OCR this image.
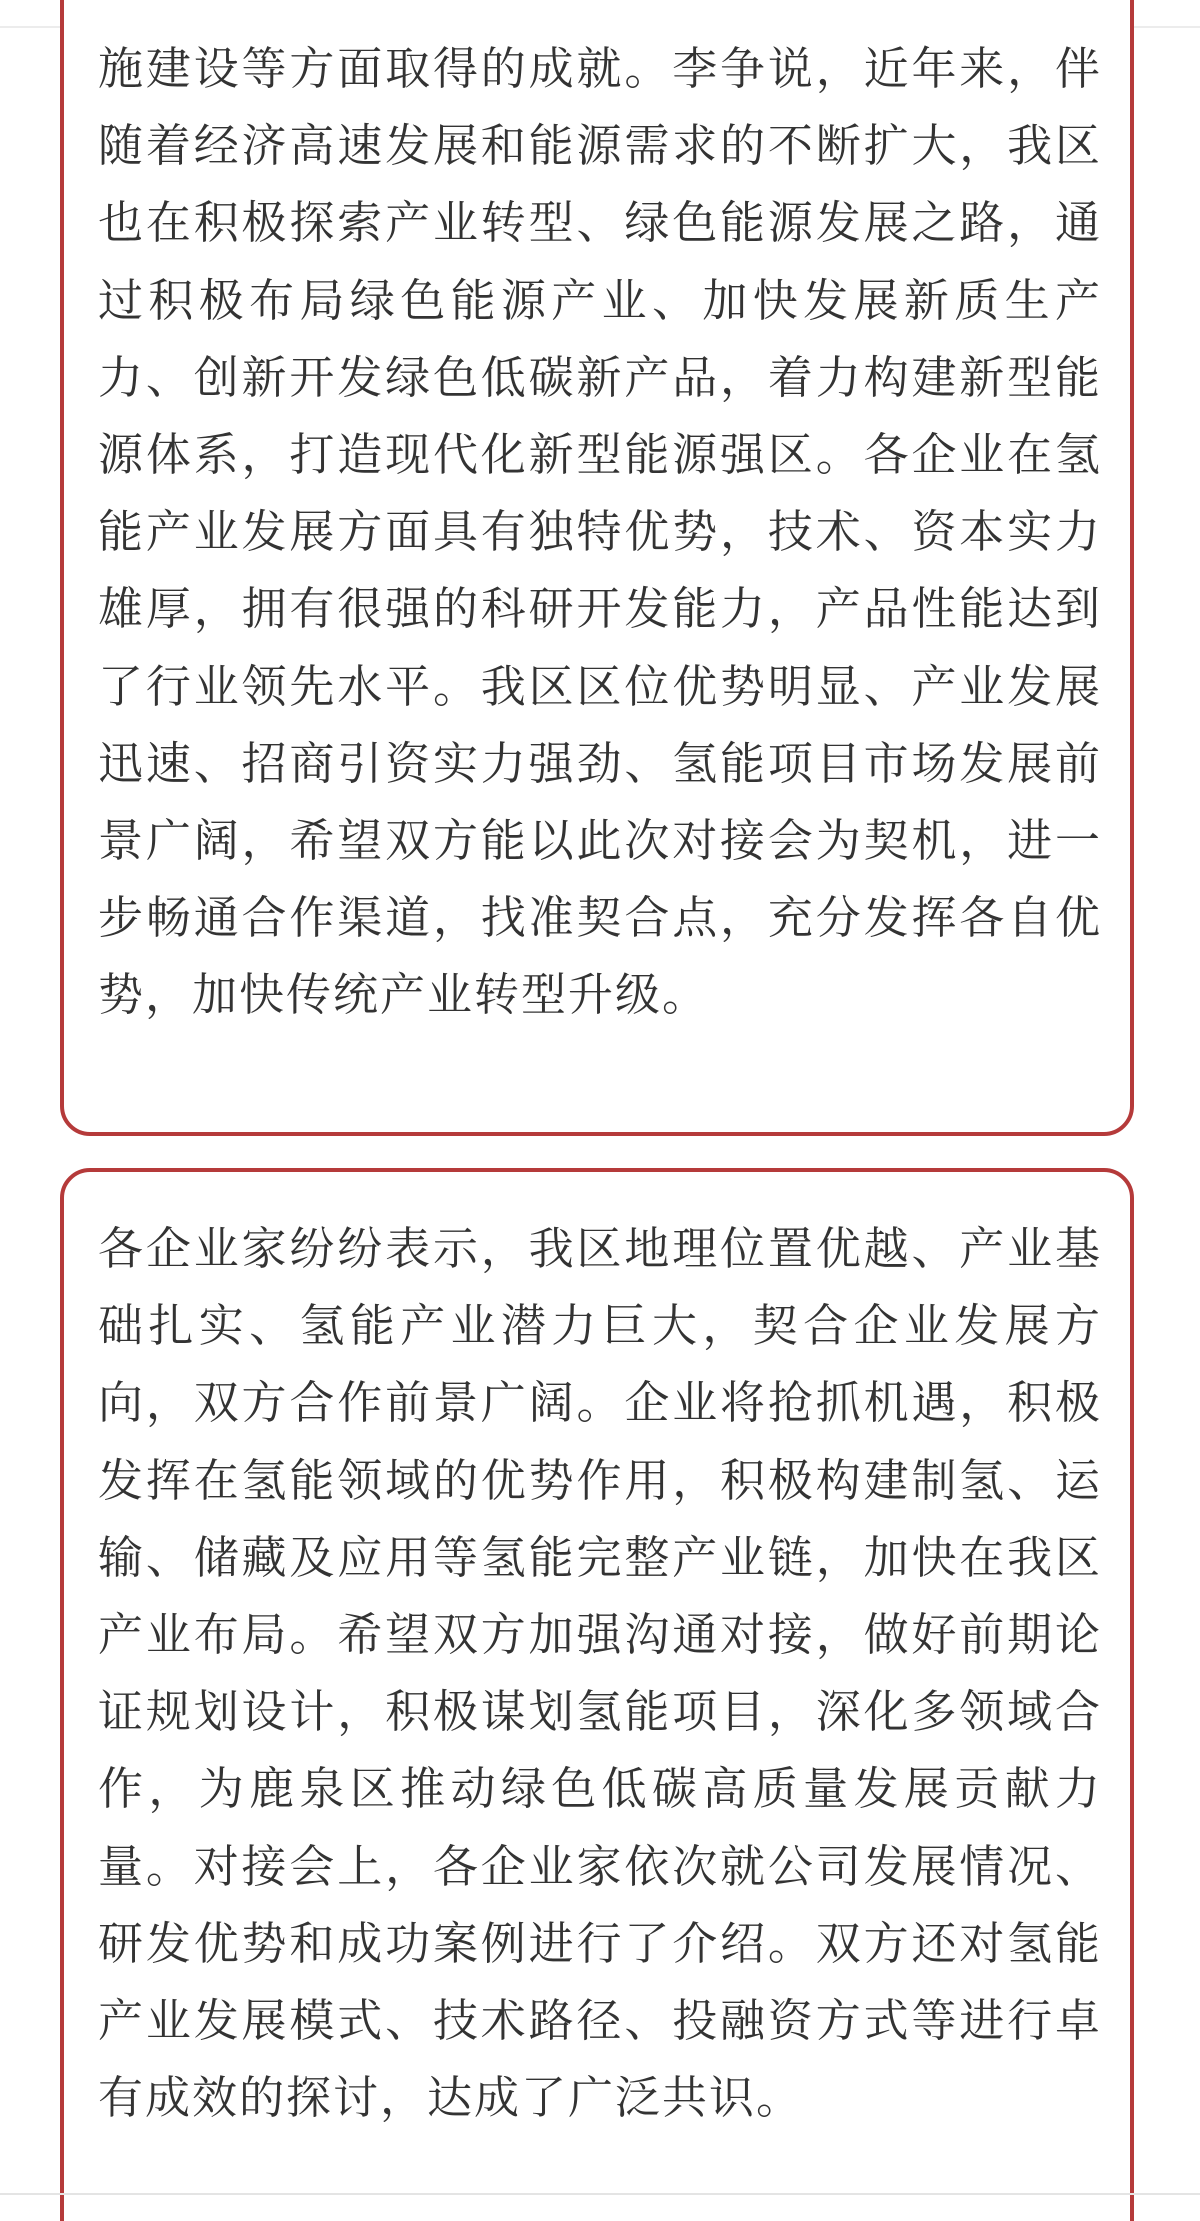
施建设等方面取得的成就。李争说，近年来，伴随着经济高速发展和能源需求的不断扩大，我区也在积极探索产业转型、绿色能源发展之路，通过积极布局绿色能源产业、加快发展新质生产力、创新开发绿色低碳新产品，着力构建新型能源体系，打造现代化新型能源强区。各企业在氢能产业发展方面具有独特优势，技术、资本实力雄厚，拥有很强的科研开发能力，产品性能达到了行业领先水平。我区区位优势明显、产业发展迅速、招商引资实力强劲、氢能项目市场发展前景广阔，希望双方能以此次对接会为契机，进一步畅通合作渠道，找准契合点，充分发挥各自优势，加快传统产业转型升级。

各企业家纷纷表示，我区地理位置优越、产业基础扎实、氢能产业潜力巨大，契合企业发展方向，双方合作前景广阔。企业将抢抓机遇，积极发挥在氢能领域的优势作用，积极构建制氢、运输、储藏及应用等氢能完整产业链，加快在我区产业布局。希望双方加强沟通对接，做好前期论证规划设计，积极谋划氢能项目，深化多领域合作，为鹿泉区推动绿色低碳高质量发展贡献力量。对接会上，各企业家依次就公司发展情况、研发优势和成功案例进行了介绍。双方还对氢能产业发展模式、技术路径、投融资方式等进行卓有成效的探讨，达成了广泛共识。
